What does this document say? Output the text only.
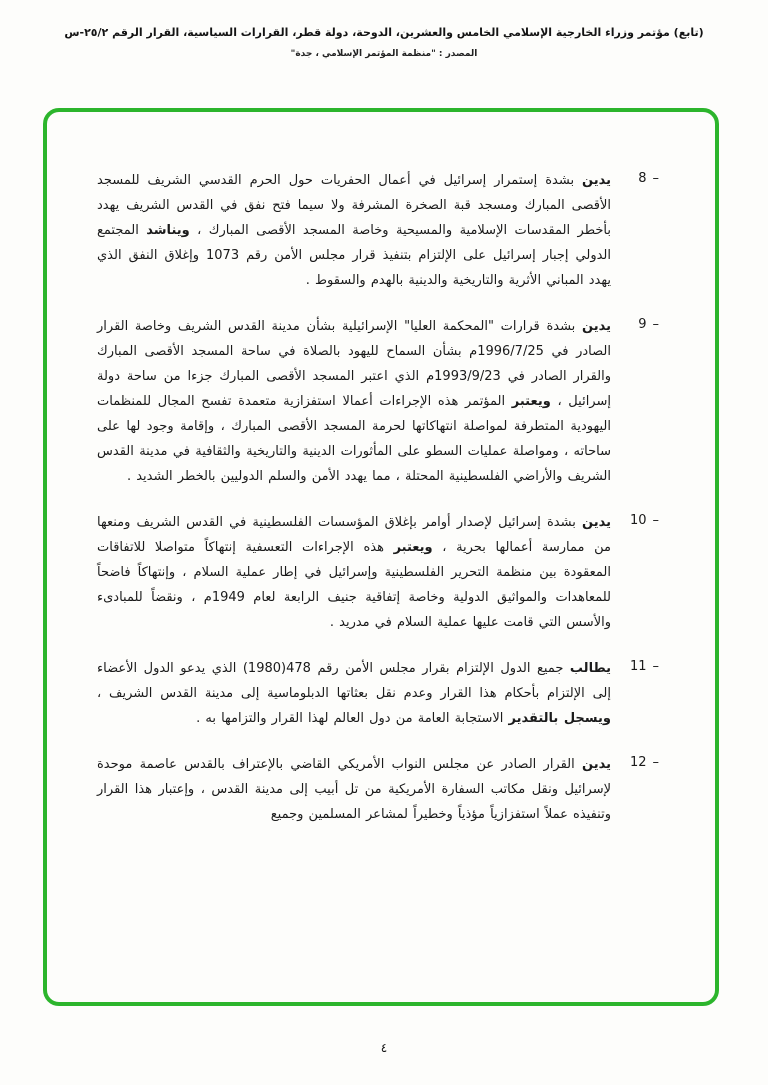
(تابع) مؤتمر وزراء الخارجية الإسلامي الخامس والعشرين، الدوحة، دولة قطر، القرارات السياسية، القرار الرقم ٢٥/٢-س
المصدر : "منظمة المؤتمر الإسلامي ، جدة"
8 –

يدين بشدة إستمرار إسرائيل في أعمال الحفريات حول الحرم القدسي الشريف للمسجد الأقصى المبارك ومسجد قبة الصخرة المشرفة ولا سيما فتح نفق في القدس الشريف يهدد بأخطر المقدسات الإسلامية والمسيحية وخاصة المسجد الأقصى المبارك ، ويناشد المجتمع الدولي إجبار إسرائيل على الإلتزام بتنفيذ قرار مجلس الأمن رقم 1073 وإغلاق النفق الذي يهدد المباني الأثرية والتاريخية والدينية بالهدم والسقوط .

9 –

يدين بشدة قرارات "المحكمة العليا" الإسرائيلية بشأن مدينة القدس الشريف وخاصة القرار الصادر في 1996/7/25م بشأن السماح لليهود بالصلاة في ساحة المسجد الأقصى المبارك والقرار الصادر في 1993/9/23م الذي اعتبر المسجد الأقصى المبارك جزءا من ساحة دولة إسرائيل ، ويعتبر المؤتمر هذه الإجراءات أعمالا استفزازية متعمدة تفسح المجال للمنظمات اليهودية المتطرفة لمواصلة انتهاكاتها لحرمة المسجد الأقصى المبارك ، وإقامة وجود لها على ساحاته ، ومواصلة عمليات السطو على المأثورات الدينية والتاريخية والثقافية في مدينة القدس الشريف والأراضي الفلسطينية المحتلة ، مما يهدد الأمن والسلم الدوليين بالخطر الشديد .

10 –

يدين بشدة إسرائيل لإصدار أوامر بإغلاق المؤسسات الفلسطينية في القدس الشريف ومنعها من ممارسة أعمالها بحرية ، ويعتبر هذه الإجراءات التعسفية إنتهاكاً متواصلا للاتفاقات المعقودة بين منظمة التحرير الفلسطينية وإسرائيل في إطار عملية السلام ، وإنتهاكاً فاضحاً للمعاهدات والمواثيق الدولية وخاصة إتفاقية جنيف الرابعة لعام 1949م ، ونقضاً للمبادىء والأسس التي قامت عليها عملية السلام في مدريد .

11 –

يطالب جميع الدول الإلتزام بقرار مجلس الأمن رقم 478(1980) الذي يدعو الدول الأعضاء إلى الإلتزام بأحكام هذا القرار وعدم نقل بعثاتها الدبلوماسية إلى مدينة القدس الشريف ، ويسجل بالتقدير الاستجابة العامة من دول العالم لهذا القرار والتزامها به .

12 –

يدين القرار الصادر عن مجلس النواب الأمريكي القاضي بالإعتراف بالقدس عاصمة موحدة لإسرائيل ونقل مكاتب السفارة الأمريكية من تل أبيب إلى مدينة القدس ، وإعتبار هذا القرار وتنفيذه عملاً استفزازياً مؤذياً وخطيراً لمشاعر المسلمين وجميع

٤
